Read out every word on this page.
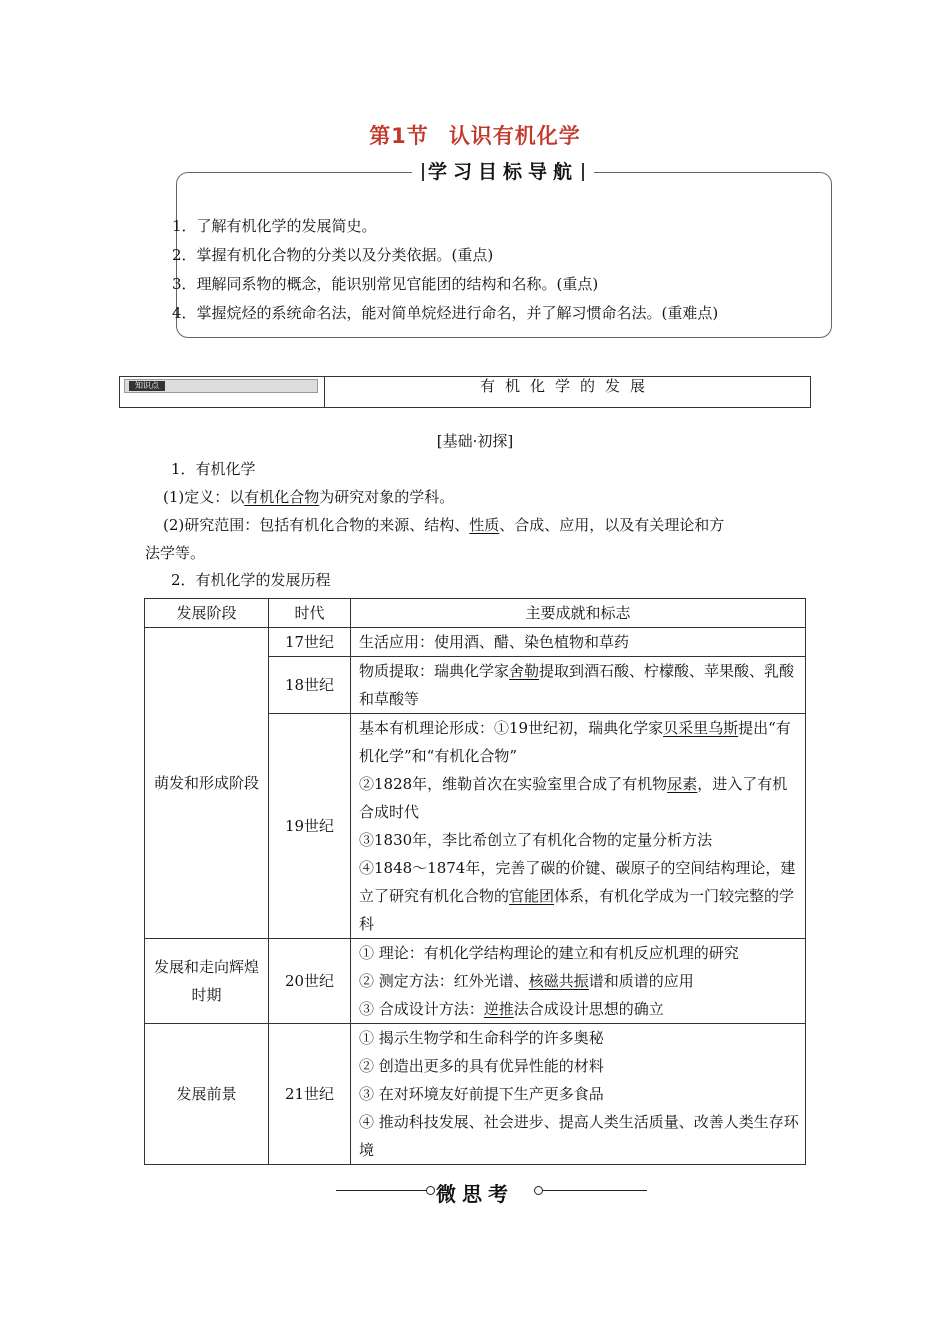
第1节 认识有机化学
学习目标导航
1．了解有机化学的发展简史。
2．掌握有机化合物的分类以及分类依据。(重点)
3．理解同系物的概念，能识别常见官能团的结构和名称。(重点)
4．掌握烷烃的系统命名法，能对简单烷烃进行命名，并了解习惯命名法。(重难点)
知识点	有机化学的发展
[基础·初探]
1．有机化学
(1)定义：以有机化合物为研究对象的学科。
(2)研究范围：包括有机化合物的来源、结构、性质、合成、应用，以及有关理论和方
法学等。
2．有机化学的发展历程
发展阶段	时代	主要成就和标志
萌发和形成阶段	17世纪	生活应用：使用酒、醋、染色植物和草药
	18世纪	物质提取：瑞典化学家舍勒提取到酒石酸、柠檬酸、苹果酸、乳酸和草酸等
	19世纪	基本有机理论形成：①19世纪初，瑞典化学家贝采里乌斯提出“有机化学”和“有机化合物”
②1828年，维勒首次在实验室里合成了有机物尿素，进入了有机合成时代
③1830年，李比希创立了有机化合物的定量分析方法
④1848～1874年，完善了碳的价键、碳原子的空间结构理论，建立了研究有机化合物的官能团体系，有机化学成为一门较完整的学科

发展和走向辉煌时期	20世纪	① 理论：有机化学结构理论的建立和有机反应机理的研究
② 测定方法：红外光谱、核磁共振谱和质谱的应用
③ 合成设计方法：逆推法合成设计思想的确立

发展前景	21世纪	① 揭示生物学和生命科学的许多奥秘
② 创造出更多的具有优异性能的材料
③ 在对环境友好前提下生产更多食品
④ 推动科技发展、社会进步、提高人类生活质量、改善人类生存环境
微思考
